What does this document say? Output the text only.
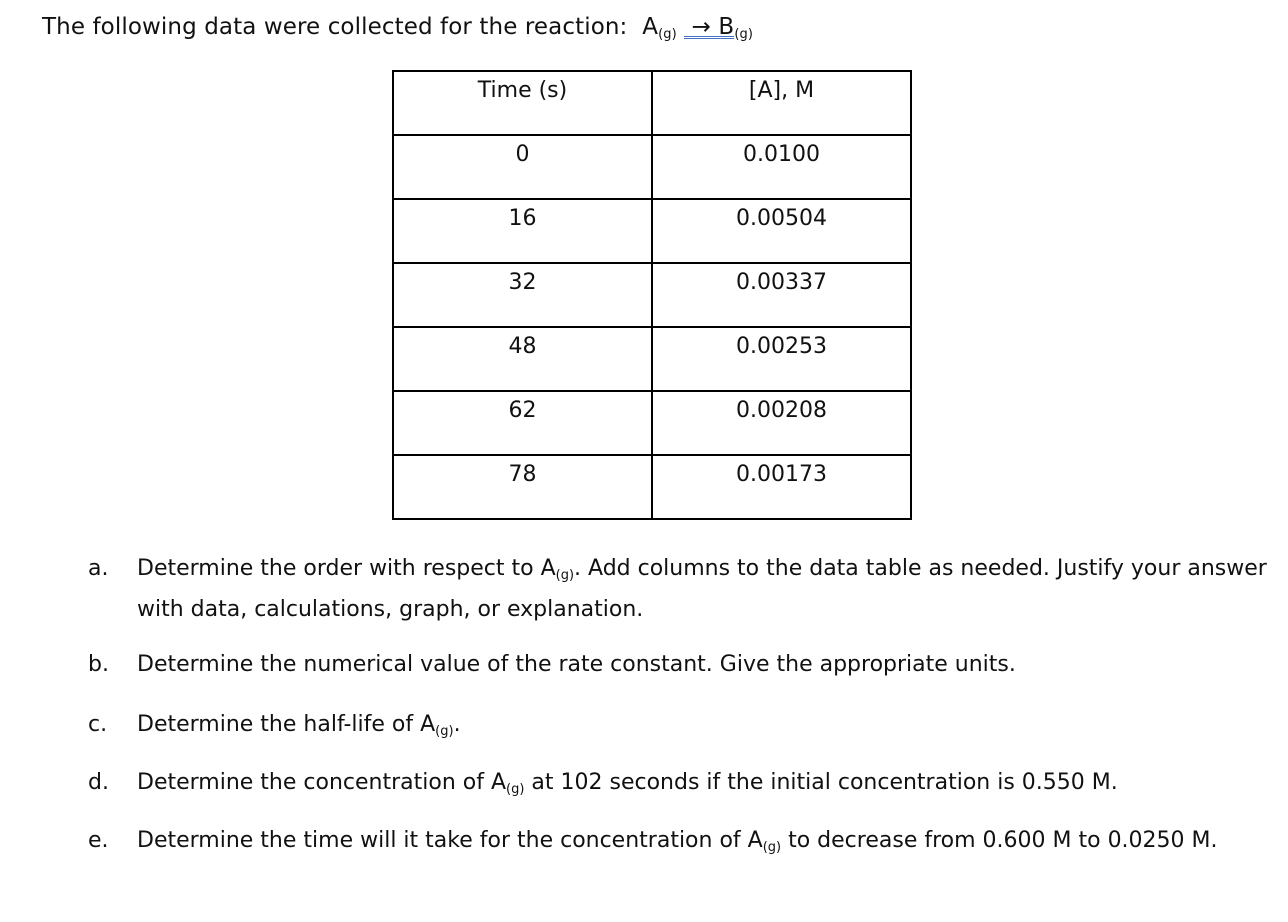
The following data were collected for the reaction: A(g) → B
(g)
Time (s)	[A], M
0	0.0100
16	0.00504
32	0.00337
48	0.00253
62	0.00208
78	0.00173
a. Determine the order with respect to A(g). Add columns to the data table as needed. Justify your answer with data, calculations, graph, or explanation.
b. Determine the numerical value of the rate constant. Give the appropriate units.
c. Determine the half-life of A(g).
d. Determine the concentration of A(g) at 102 seconds if the initial concentration is 0.550 M.
e. Determine the time will it take for the concentration of A(g) to decrease from 0.600 M to 0.0250 M.
